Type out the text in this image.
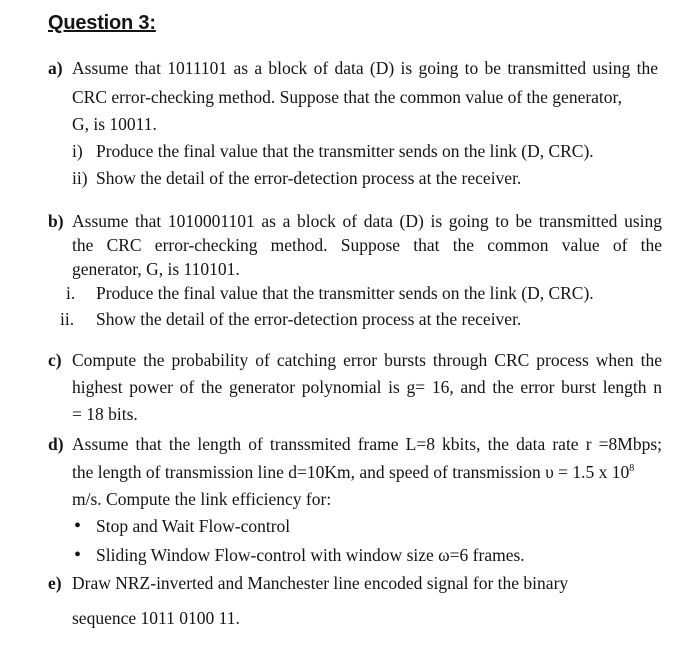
Question 3:
a) Assume that 1011101 as a block of data (D) is going to be transmitted using the
CRC error-checking method. Suppose that the common value of the generator,
G, is 10011.
i) Produce the final value that the transmitter sends on the link (D, CRC).
ii) Show the detail of the error-detection process at the receiver.
b) Assume that 1010001101 as a block of data (D) is going to be transmitted using
the CRC error-checking method. Suppose that the common value of the
generator, G, is 110101.
i. Produce the final value that the transmitter sends on the link (D, CRC).
ii. Show the detail of the error-detection process at the receiver.
c) Compute the probability of catching error bursts through CRC process when the
highest power of the generator polynomial is g= 16, and the error burst length n
= 18 bits.
d) Assume that the length of transsmited frame L=8 kbits, the data rate r =8Mbps;
the length of transmission line d=10Km, and speed of transmission υ = 1.5 x $10^8$
m/s. Compute the link efficiency for:
• Stop and Wait Flow-control
• Sliding Window Flow-control with window size ω=6 frames.
e) Draw NRZ-inverted and Manchester line encoded signal for the binary
sequence 1011 0100 11.
